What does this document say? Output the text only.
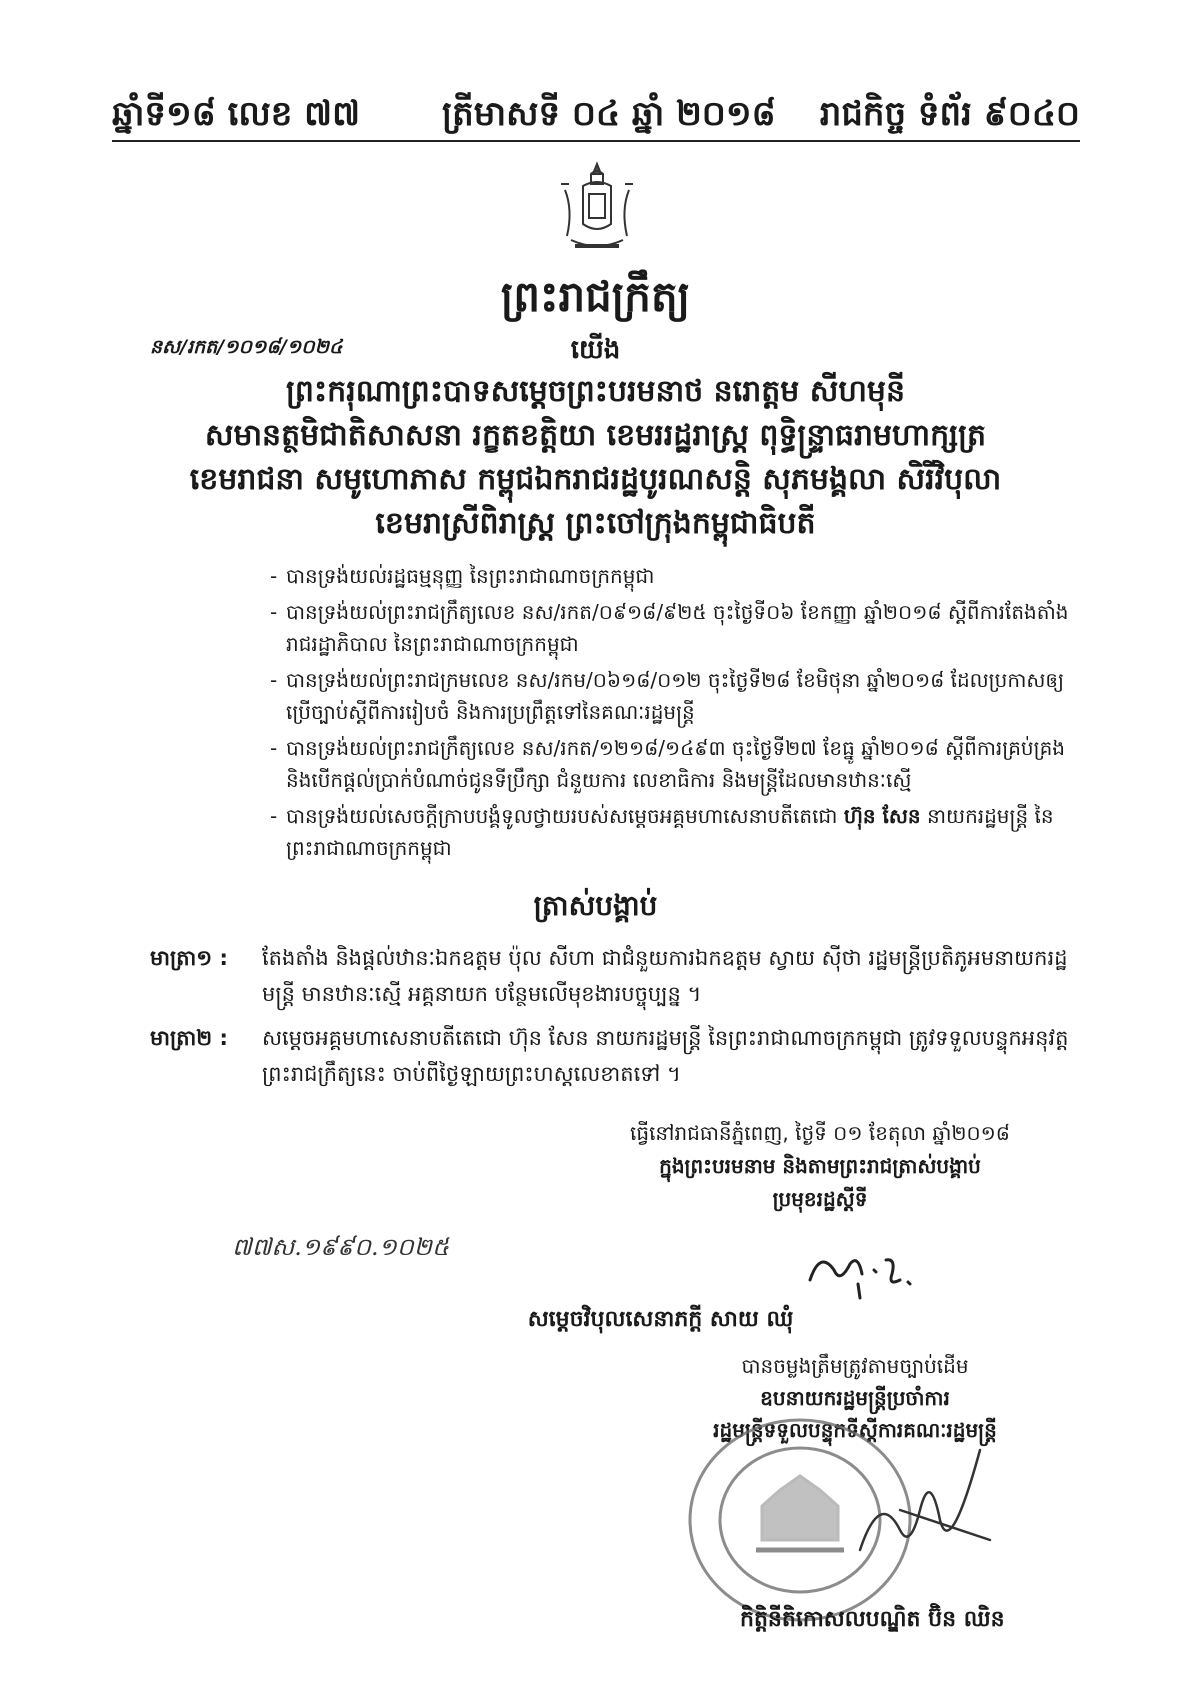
ឆ្នាំទី១៨ លេខ ៧៧ ត្រីមាសទី ០៤ ឆ្នាំ ២០១៨ រាជកិច្ច ទំព័រ ៩០៤០
ព្រះរាជក្រឹត្យ
នស/រកត/១០១៨/១០២៤	យើង
ព្រះករុណាព្រះបាទសម្តេចព្រះបរមនាថ នរោត្តម សីហមុនី
សមានត្ថមិជាតិសាសនា រក្ខតខត្តិយា ខេមររដ្ឋរាស្ត្រ ពុទ្ធិន្ទ្រាធរាមហាក្សត្រ
ខេមរាជនា សមូហោភាស កម្ពុជឯករាជរដ្ឋបូរណសន្តិ សុភមង្គលា សិរីវិបុលា
ខេមរាស្រីពិរាស្ត្រ ព្រះចៅក្រុងកម្ពុជាធិបតី
- បានទ្រង់យល់រដ្ឋធម្មនុញ្ញ នៃព្រះរាជាណាចក្រកម្ពុជា
- បានទ្រង់យល់ព្រះរាជក្រឹត្យលេខ នស/រកត/០៩១៨/៩២៥ ចុះថ្ងៃទី០៦ ខែកញ្ញា ឆ្នាំ២០១៨ ស្តីពីការតែងតាំងរាជរដ្ឋាភិបាល នៃព្រះរាជាណាចក្រកម្ពុជា
- បានទ្រង់យល់ព្រះរាជក្រមលេខ នស/រកម/០៦១៨/០១២ ចុះថ្ងៃទី២៨ ខែមិថុនា ឆ្នាំ២០១៨ ដែលប្រកាសឲ្យប្រើច្បាប់ស្តីពីការរៀបចំ និងការប្រព្រឹត្តទៅនៃគណៈរដ្ឋមន្ត្រី
- បានទ្រង់យល់ព្រះរាជក្រឹត្យលេខ នស/រកត/១២១៨/១៤៩៣ ចុះថ្ងៃទី២៧ ខែធ្នូ ឆ្នាំ២០១៨ ស្តីពីការគ្រប់គ្រង និងបើកផ្តល់ប្រាក់បំណាច់ជូនទីប្រឹក្សា ជំនួយការ លេខាធិការ និងមន្ត្រីដែលមានឋានៈស្មើ
- បានទ្រង់យល់សេចក្តីក្រាបបង្គំទូលថ្វាយរបស់សម្តេចអគ្គមហាសេនាបតីតេជោ ហ៊ុន សែន នាយករដ្ឋមន្ត្រី នៃព្រះរាជាណាចក្រកម្ពុជា
ត្រាស់បង្គាប់
មាត្រា១ : តែងតាំង និងផ្តល់ឋានៈឯកឧត្តម ប៉ុល សីហា ជាជំនួយការឯកឧត្តម ស្វាយ ស៊ីថា រដ្ឋមន្ត្រីប្រតិភូអមនាយករដ្ឋមន្ត្រី មានឋានៈស្មើ អគ្គនាយក បន្ថែមលើមុខងារបច្ចុប្បន្ន ។
មាត្រា២ : សម្តេចអគ្គមហាសេនាបតីតេជោ ហ៊ុន សែន នាយករដ្ឋមន្ត្រី នៃព្រះរាជាណាចក្រកម្ពុជា ត្រូវទទួលបន្ទុកអនុវត្តព្រះរាជក្រឹត្យនេះ ចាប់ពីថ្ងៃឡាយព្រះហស្តលេខាតទៅ ។
ធ្វើនៅរាជធានីភ្នំពេញ, ថ្ងៃទី ០១ ខែតុលា ឆ្នាំ២០១៨
ក្នុងព្រះបរមនាម និងតាមព្រះរាជត្រាស់បង្គាប់
ប្រមុខរដ្ឋស្តីទី
៧៧ស.១៩៩០.១០២៥
សម្តេចវិបុលសេនាភក្តី សាយ ឈុំ
បានចម្លងត្រឹមត្រូវតាមច្បាប់ដើម
ឧបនាយករដ្ឋមន្ត្រីប្រចាំការ
រដ្ឋមន្ត្រីទទួលបន្ទុកទីស្តីការគណៈរដ្ឋមន្ត្រី
កិត្តិនីតិកោសលបណ្ឌិត ប៊ិន ឈិន
